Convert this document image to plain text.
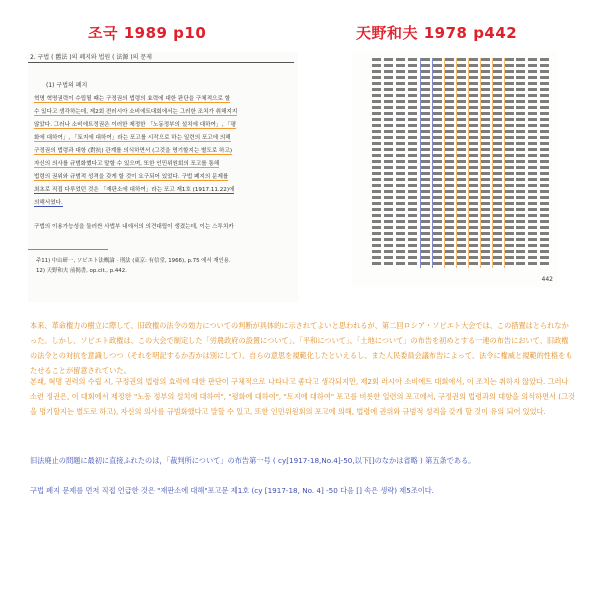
조국 1989 p10	天野和夫 1978 p442
2. 구법 ( 舊法 )의 폐지와 법원 ( 法源 )의 문제
(1) 구법의 폐지
혁명 혁명권력이 수립될 때는 구정권의 법령의 효력에 대한 판단을 구체적으로 할
수 있다고 생각하는데, 제2회 전러시아 소비에트대회에서는 그러한 조치가 취해지지
않았다. 그러나 소비에트정권은 이러한 제정한 「노동정부의 설치에 대하여」, 「평
화에 대하여」, 「토지에 대하여」라는 포고를 시작으로 하는 일련의 포고에 의해
구정권의 법령과 대항 (對抗) 관계를 의식하면서 (그것을 명기할지는 별도로 하고)
자신의 의사를 규범화했다고 말할 수 있으며, 또한 인민위원회의 포고를 통해
법령의 권위와 규범적 성격을 갖게 할 것이 요구되어 있었다. 구법 폐지의 문제를
최초로 직접 다루었던 것은 「재판소에 대하여」라는 포고 제1호 (1917.11.22)에
의해서였다.
구법의 이용가능성을 둘러싼 사법부 내에서의 의견대립이 생겼는데, 이는 스투치카
주11) 中山研一, ソビエト法概論 · 刑法 (東京: 有信堂, 1966), p.75 에서 재인용.
12) 天野和夫 前揭書, op.cit., p.442.
442
本来、革命権力の樹立に際して、旧政権の法令の効力についての判断が具体的に示されてよいと思われるが、第二回ロシア・ソビエト大会では、この措置はとられなかった。しかし、ソビエト政権は、この大会で制定した「労農政府の設置について」、「平和について」、「土地について」の布告を初めとする一連の布告において、旧政権の法令との対抗を意識しつつ（それを明記するか否かは別にして）、自らの意思を規範化したといえるし、また人民委員会議布告によって、法令に権威と規範的性格をもたせることが留意されていた。
본래, 혁명 권력의 수립 시, 구정권의 법령의 효력에 대한 판단이 구체적으로 나타나고 좋다고 생각되지만, 제2회 러시아 소비에트 대회에서, 이 조치는 취하지 않았다. 그러나 소련 정권은, 이 대회에서 제정한 "노동 정부의 설치에 대하여", "평화에 대하여", "토지에 대하여" 포고를 비롯한 일련의 포고에서, 구정권의 법령과의 대항을 의식하면서 (그것을 명기할지는 별도로 하고), 자신의 의사를 규범화했다고 말할 수 있고, 또한 인민위원회의 포고에 의해, 법령에 권위와 규범적 성격을 갖게 할 것이 유의 되어 있었다.
旧法廃止の問題に最初に直接ふれたのは，「裁判所について」の布告第一号 ( cy[1917-18,No.4]-50,以下[]のなかは省略 ) 第五条である。
구법 폐지 문제를 먼저 직접 언급한 것은 "재판소에 대해"포고문 제1호 (cy [1917-18, No. 4] -50 다음 [] 속은 생략) 제5조이다.
